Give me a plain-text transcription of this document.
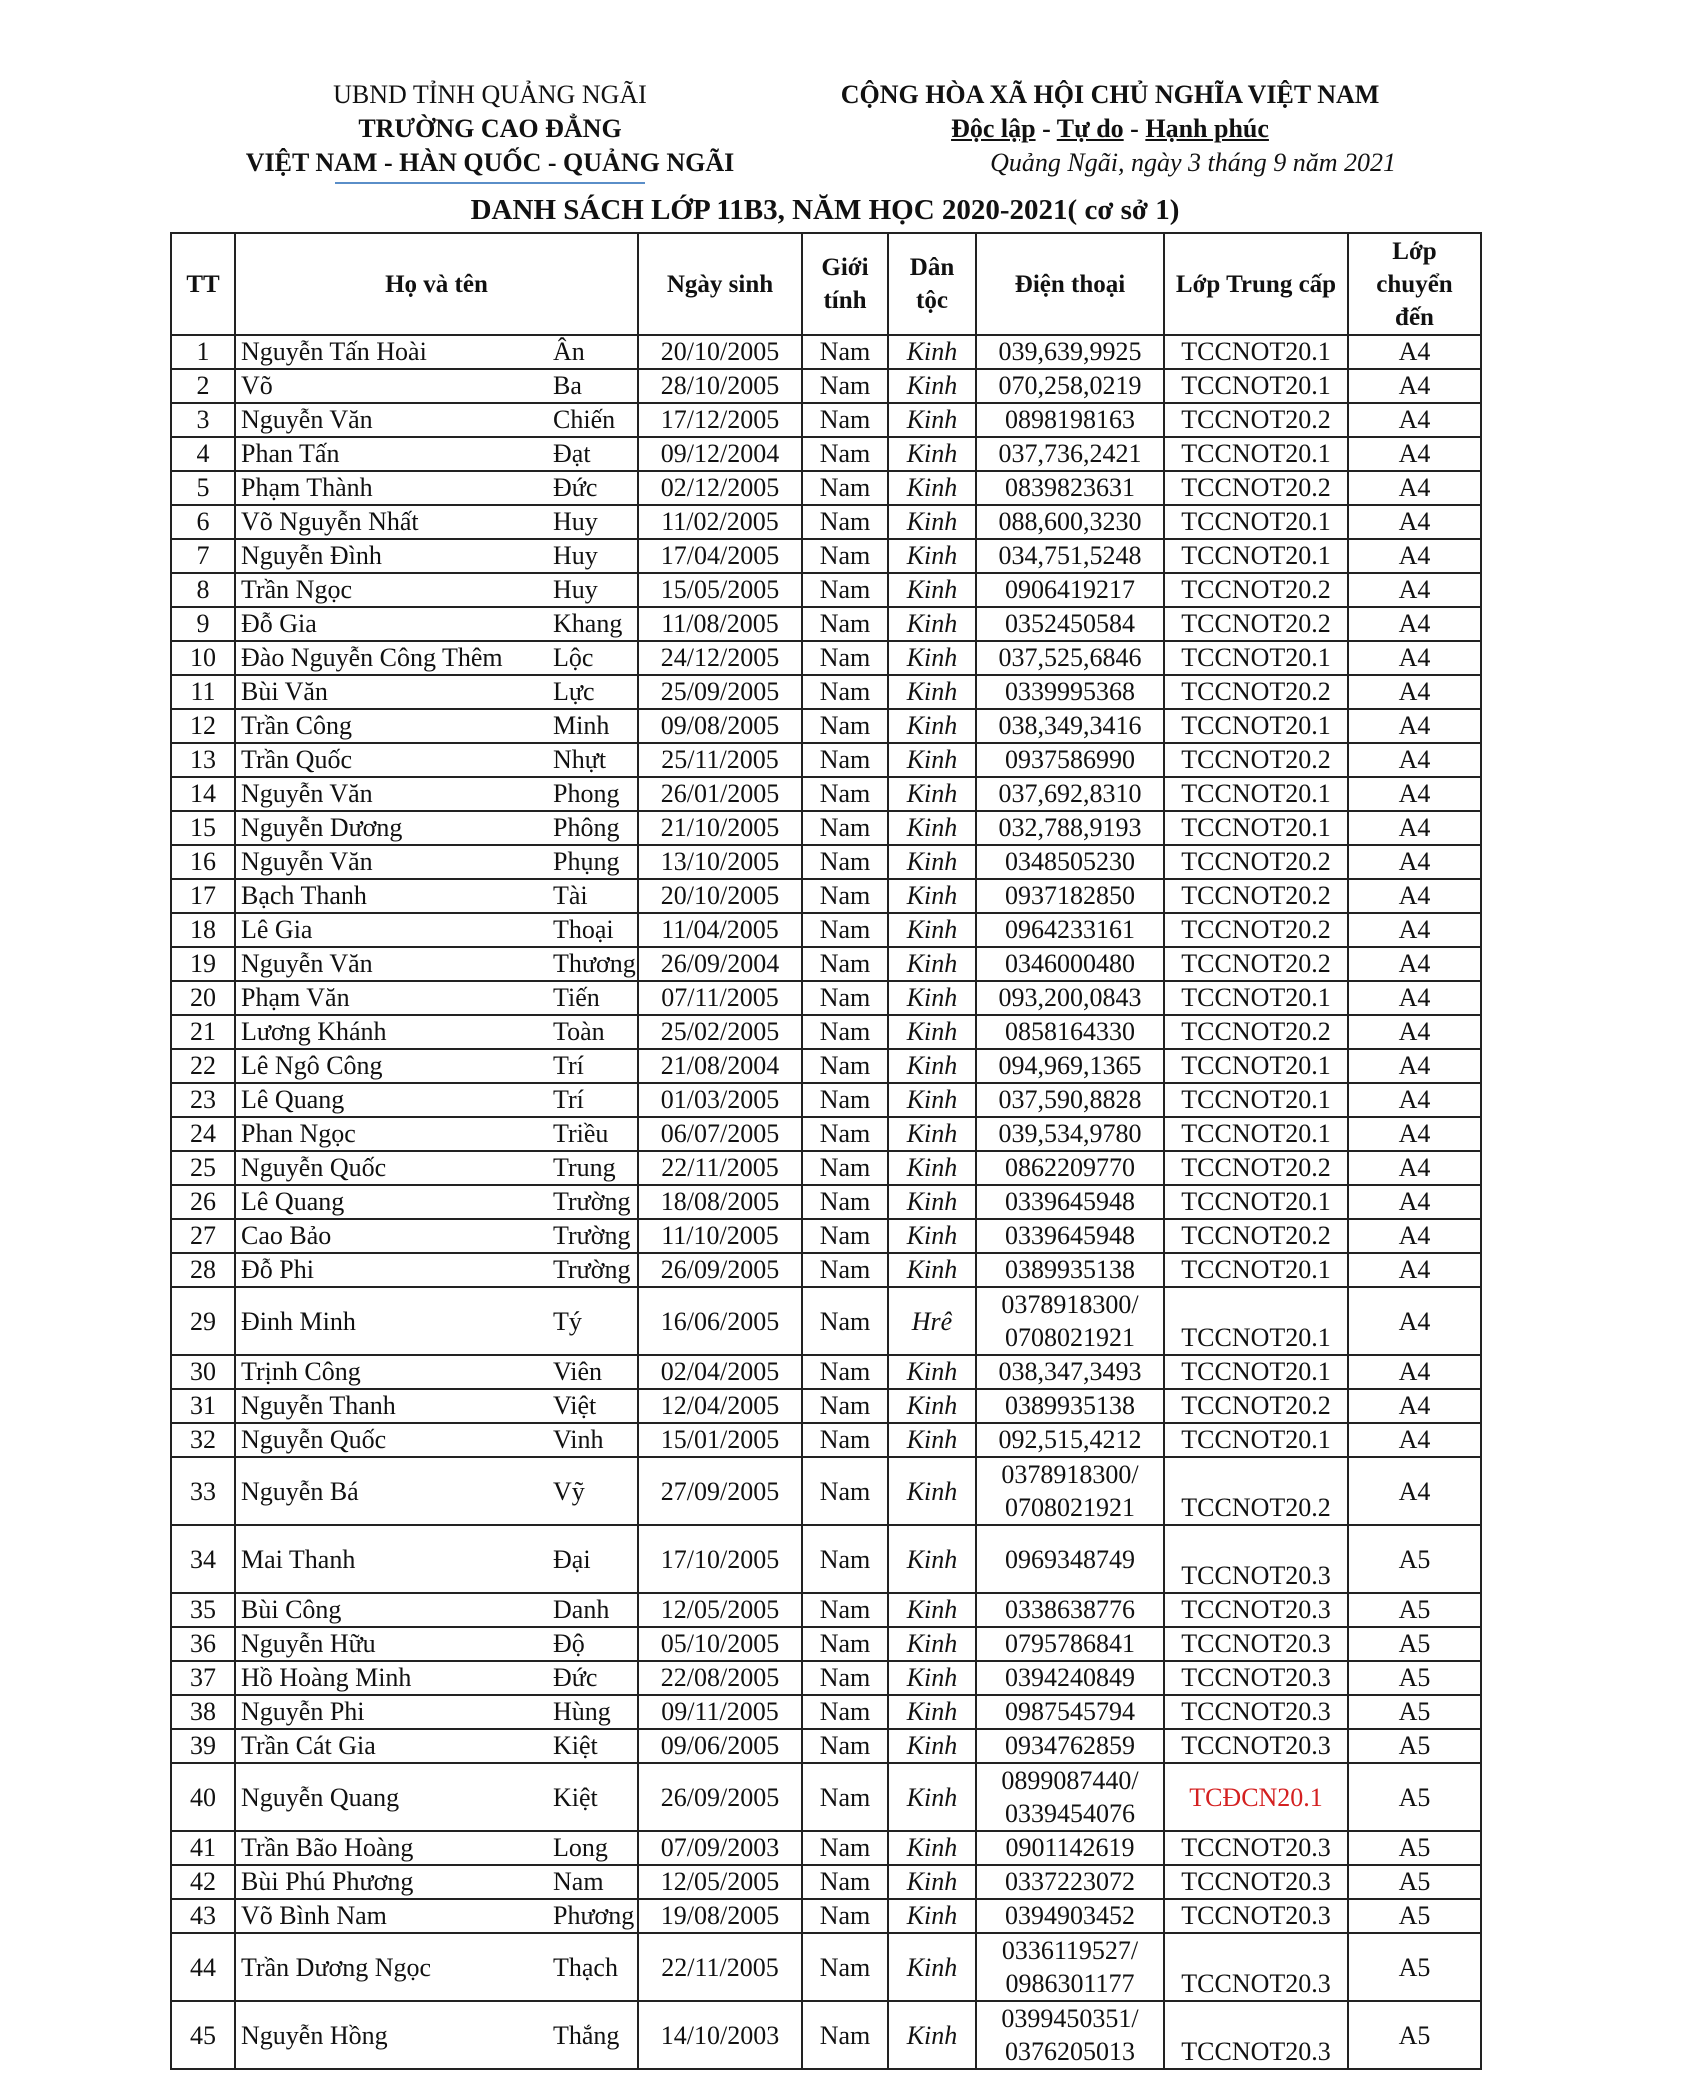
UBND TỈNH QUẢNG NGÃI
TRƯỜNG CAO ĐẲNG
VIỆT NAM - HÀN QUỐC - QUẢNG NGÃI
CỘNG HÒA XÃ HỘI CHỦ NGHĨA VIỆT NAM
Độc lập - Tự do - Hạnh phúc
Quảng Ngãi, ngày 3 tháng 9 năm 2021
DANH SÁCH LỚP 11B3, NĂM HỌC 2020-2021( cơ sở 1)
TT	Họ và tên		Ngày sinh	Giới tính	Dân tộc	Điện thoại	Lớp Trung cấp	Lớp chuyển đến
1	Nguyễn Tấn Hoài	Ân	20/10/2005	Nam	Kinh	039,639,9925	TCCNOT20.1	A4
2	Võ	Ba	28/10/2005	Nam	Kinh	070,258,0219	TCCNOT20.1	A4
3	Nguyễn Văn	Chiến	17/12/2005	Nam	Kinh	0898198163	TCCNOT20.2	A4
4	Phan Tấn	Đạt	09/12/2004	Nam	Kinh	037,736,2421	TCCNOT20.1	A4
5	Phạm Thành	Đức	02/12/2005	Nam	Kinh	0839823631	TCCNOT20.2	A4
6	Võ Nguyễn Nhất	Huy	11/02/2005	Nam	Kinh	088,600,3230	TCCNOT20.1	A4
7	Nguyễn Đình	Huy	17/04/2005	Nam	Kinh	034,751,5248	TCCNOT20.1	A4
8	Trần Ngọc	Huy	15/05/2005	Nam	Kinh	0906419217	TCCNOT20.2	A4
9	Đỗ Gia	Khang	11/08/2005	Nam	Kinh	0352450584	TCCNOT20.2	A4
10	Đào Nguyễn Công Thêm	Lộc	24/12/2005	Nam	Kinh	037,525,6846	TCCNOT20.1	A4
11	Bùi Văn	Lực	25/09/2005	Nam	Kinh	0339995368	TCCNOT20.2	A4
12	Trần Công	Minh	09/08/2005	Nam	Kinh	038,349,3416	TCCNOT20.1	A4
13	Trần Quốc	Nhựt	25/11/2005	Nam	Kinh	0937586990	TCCNOT20.2	A4
14	Nguyễn Văn	Phong	26/01/2005	Nam	Kinh	037,692,8310	TCCNOT20.1	A4
15	Nguyễn Dương	Phông	21/10/2005	Nam	Kinh	032,788,9193	TCCNOT20.1	A4
16	Nguyễn Văn	Phụng	13/10/2005	Nam	Kinh	0348505230	TCCNOT20.2	A4
17	Bạch Thanh	Tài	20/10/2005	Nam	Kinh	0937182850	TCCNOT20.2	A4
18	Lê Gia	Thoại	11/04/2005	Nam	Kinh	0964233161	TCCNOT20.2	A4
19	Nguyễn Văn	Thương	26/09/2004	Nam	Kinh	0346000480	TCCNOT20.2	A4
20	Phạm Văn	Tiến	07/11/2005	Nam	Kinh	093,200,0843	TCCNOT20.1	A4
21	Lương Khánh	Toàn	25/02/2005	Nam	Kinh	0858164330	TCCNOT20.2	A4
22	Lê Ngô Công	Trí	21/08/2004	Nam	Kinh	094,969,1365	TCCNOT20.1	A4
23	Lê Quang	Trí	01/03/2005	Nam	Kinh	037,590,8828	TCCNOT20.1	A4
24	Phan Ngọc	Triều	06/07/2005	Nam	Kinh	039,534,9780	TCCNOT20.1	A4
25	Nguyễn Quốc	Trung	22/11/2005	Nam	Kinh	0862209770	TCCNOT20.2	A4
26	Lê Quang	Trường	18/08/2005	Nam	Kinh	0339645948	TCCNOT20.1	A4
27	Cao Bảo	Trường	11/10/2005	Nam	Kinh	0339645948	TCCNOT20.2	A4
28	Đỗ Phi	Trường	26/09/2005	Nam	Kinh	0389935138	TCCNOT20.1	A4
29	Đinh Minh	Tý	16/06/2005	Nam	Hrê	0378918300/
0708021921	TCCNOT20.1	A4
30	Trịnh Công	Viên	02/04/2005	Nam	Kinh	038,347,3493	TCCNOT20.1	A4
31	Nguyễn Thanh	Việt	12/04/2005	Nam	Kinh	0389935138	TCCNOT20.2	A4
32	Nguyễn Quốc	Vinh	15/01/2005	Nam	Kinh	092,515,4212	TCCNOT20.1	A4
33	Nguyễn Bá	Vỹ	27/09/2005	Nam	Kinh	0378918300/
0708021921	TCCNOT20.2	A4
34	Mai Thanh	Đại	17/10/2005	Nam	Kinh	0969348749	TCCNOT20.3	A5
35	Bùi Công	Danh	12/05/2005	Nam	Kinh	0338638776	TCCNOT20.3	A5
36	Nguyễn Hữu	Độ	05/10/2005	Nam	Kinh	0795786841	TCCNOT20.3	A5
37	Hồ Hoàng Minh	Đức	22/08/2005	Nam	Kinh	0394240849	TCCNOT20.3	A5
38	Nguyễn Phi	Hùng	09/11/2005	Nam	Kinh	0987545794	TCCNOT20.3	A5
39	Trần Cát Gia	Kiệt	09/06/2005	Nam	Kinh	0934762859	TCCNOT20.3	A5
40	Nguyễn Quang	Kiệt	26/09/2005	Nam	Kinh	0899087440/
0339454076	TCĐCN20.1	A5
41	Trần Bão Hoàng	Long	07/09/2003	Nam	Kinh	0901142619	TCCNOT20.3	A5
42	Bùi Phú Phương	Nam	12/05/2005	Nam	Kinh	0337223072	TCCNOT20.3	A5
43	Võ Bình Nam	Phương	19/08/2005	Nam	Kinh	0394903452	TCCNOT20.3	A5
44	Trần Dương Ngọc	Thạch	22/11/2005	Nam	Kinh	0336119527/
0986301177	TCCNOT20.3	A5
45	Nguyễn Hồng	Thắng	14/10/2003	Nam	Kinh	0399450351/
0376205013	TCCNOT20.3	A5
